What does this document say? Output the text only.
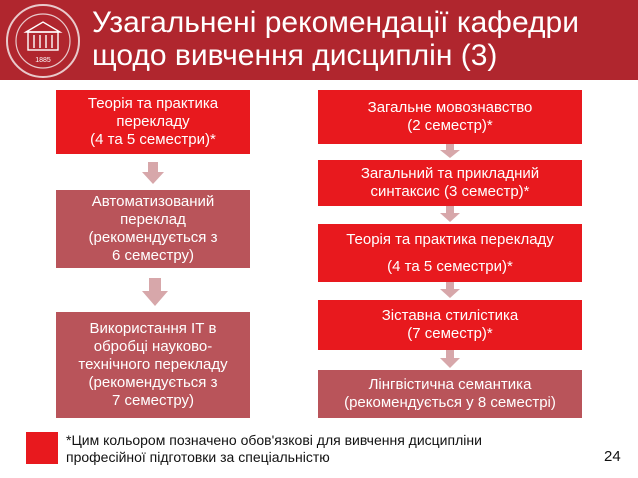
1885
Узагальнені рекомендації кафедри
щодо вивчення дисциплін (3)
Теорія та практика
перекладу
(4 та 5 семестри)*
Автоматизований
переклад
(рекомендується з
6 семестру)
Використання ІТ в
обробці науково-
технічного перекладу
(рекомендується з
7 семестру)
Загальне мовознавство
(2 семестр)*
Загальний та прикладний
синтаксис (3 семестр)*
Теорія та практика перекладу
(4 та 5 семестри)*
Зіставна стилістика
(7 семестр)*
Лінгвістична семантика
(рекомендується у 8 семестрі)
*Цим кольором позначено обов'язкові для вивчення дисципліни
професійної підготовки за спеціальністю	24
